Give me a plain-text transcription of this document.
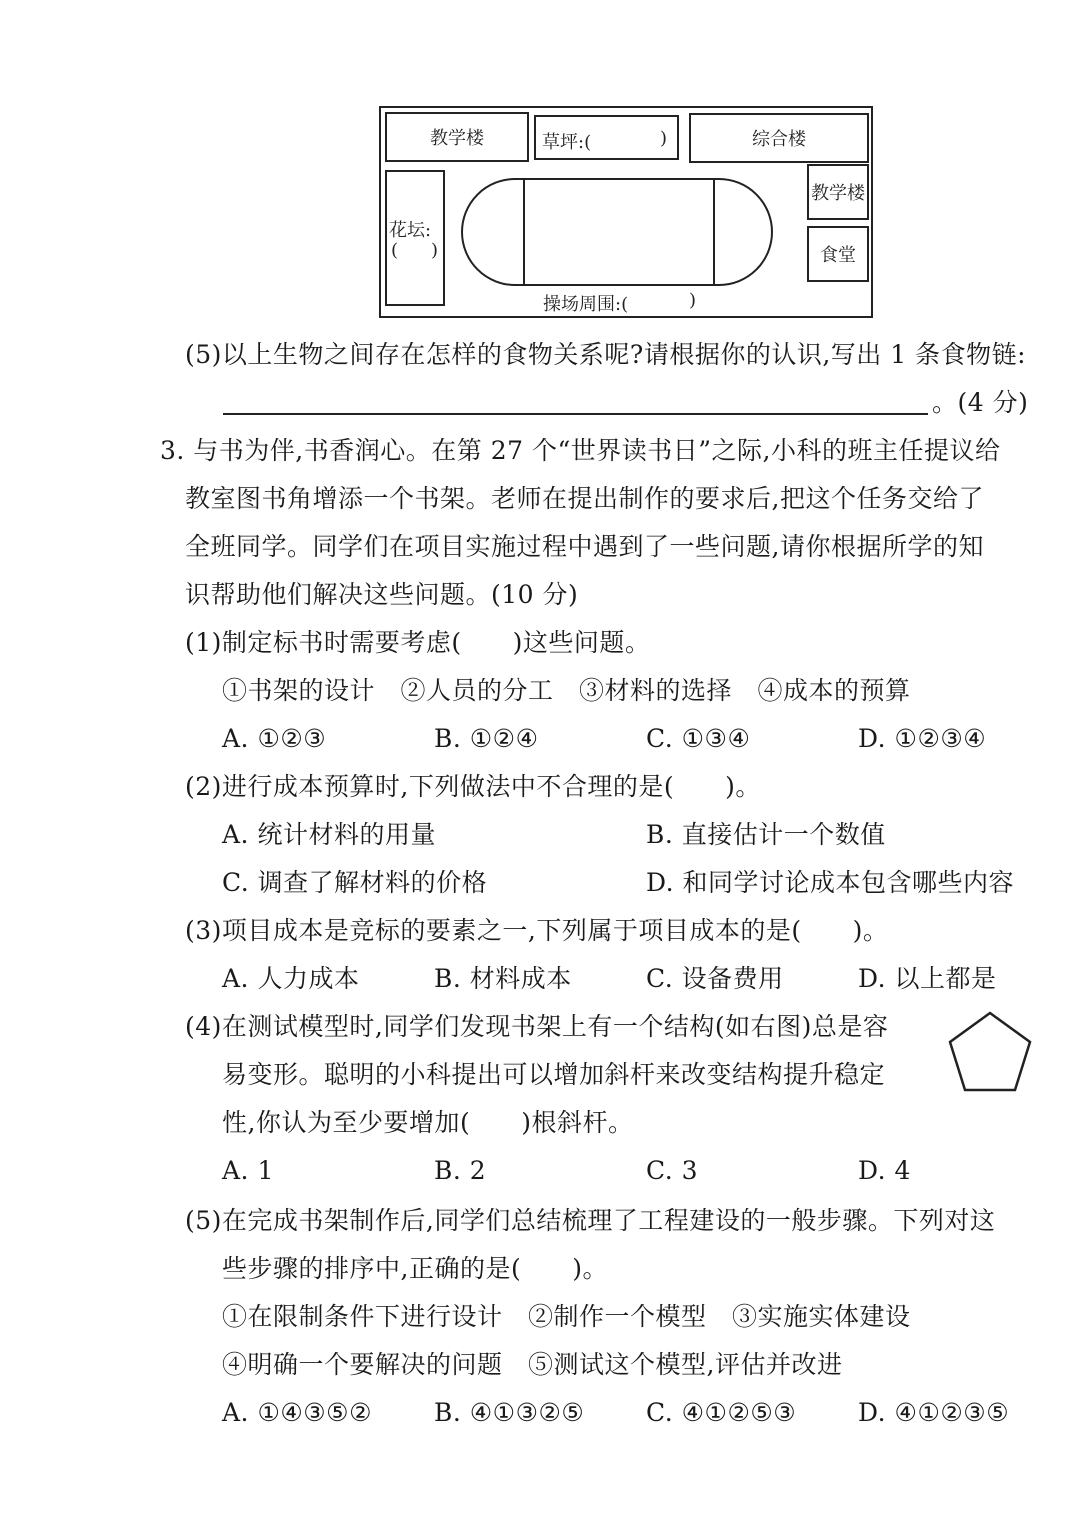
教学楼	草坪:(	)	综合楼
花坛:
( )
教学楼
食堂
操场周围:(	)
(5)以上生物之间存在怎样的食物关系呢?请根据你的认识,写出 1 条食物链:
。(4 分)
3. 与书为伴,书香润心。在第 27 个“世界读书日”之际,小科的班主任提议给
教室图书角增添一个书架。老师在提出制作的要求后,把这个任务交给了
全班同学。同学们在项目实施过程中遇到了一些问题,请你根据所学的知
识帮助他们解决这些问题。(10 分)
(1)制定标书时需要考虑(　　)这些问题。
①书架的设计　②人员的分工　③材料的选择　④成本的预算
A. ①②③	B. ①②④	C. ①③④	D. ①②③④
(2)进行成本预算时,下列做法中不合理的是(　　)。
A. 统计材料的用量	B. 直接估计一个数值
C. 调查了解材料的价格	D. 和同学讨论成本包含哪些内容
(3)项目成本是竞标的要素之一,下列属于项目成本的是(　　)。
A. 人力成本	B. 材料成本	C. 设备费用	D. 以上都是
(4)在测试模型时,同学们发现书架上有一个结构(如右图)总是容
易变形。聪明的小科提出可以增加斜杆来改变结构提升稳定
性,你认为至少要增加(　　)根斜杆。
A. 1	B. 2	C. 3	D. 4
(5)在完成书架制作后,同学们总结梳理了工程建设的一般步骤。下列对这
些步骤的排序中,正确的是(　　)。
①在限制条件下进行设计　②制作一个模型　③实施实体建设
④明确一个要解决的问题　⑤测试这个模型,评估并改进
A. ①④③⑤② B. ④①③②⑤ C. ④①②⑤③ D. ④①②③⑤
